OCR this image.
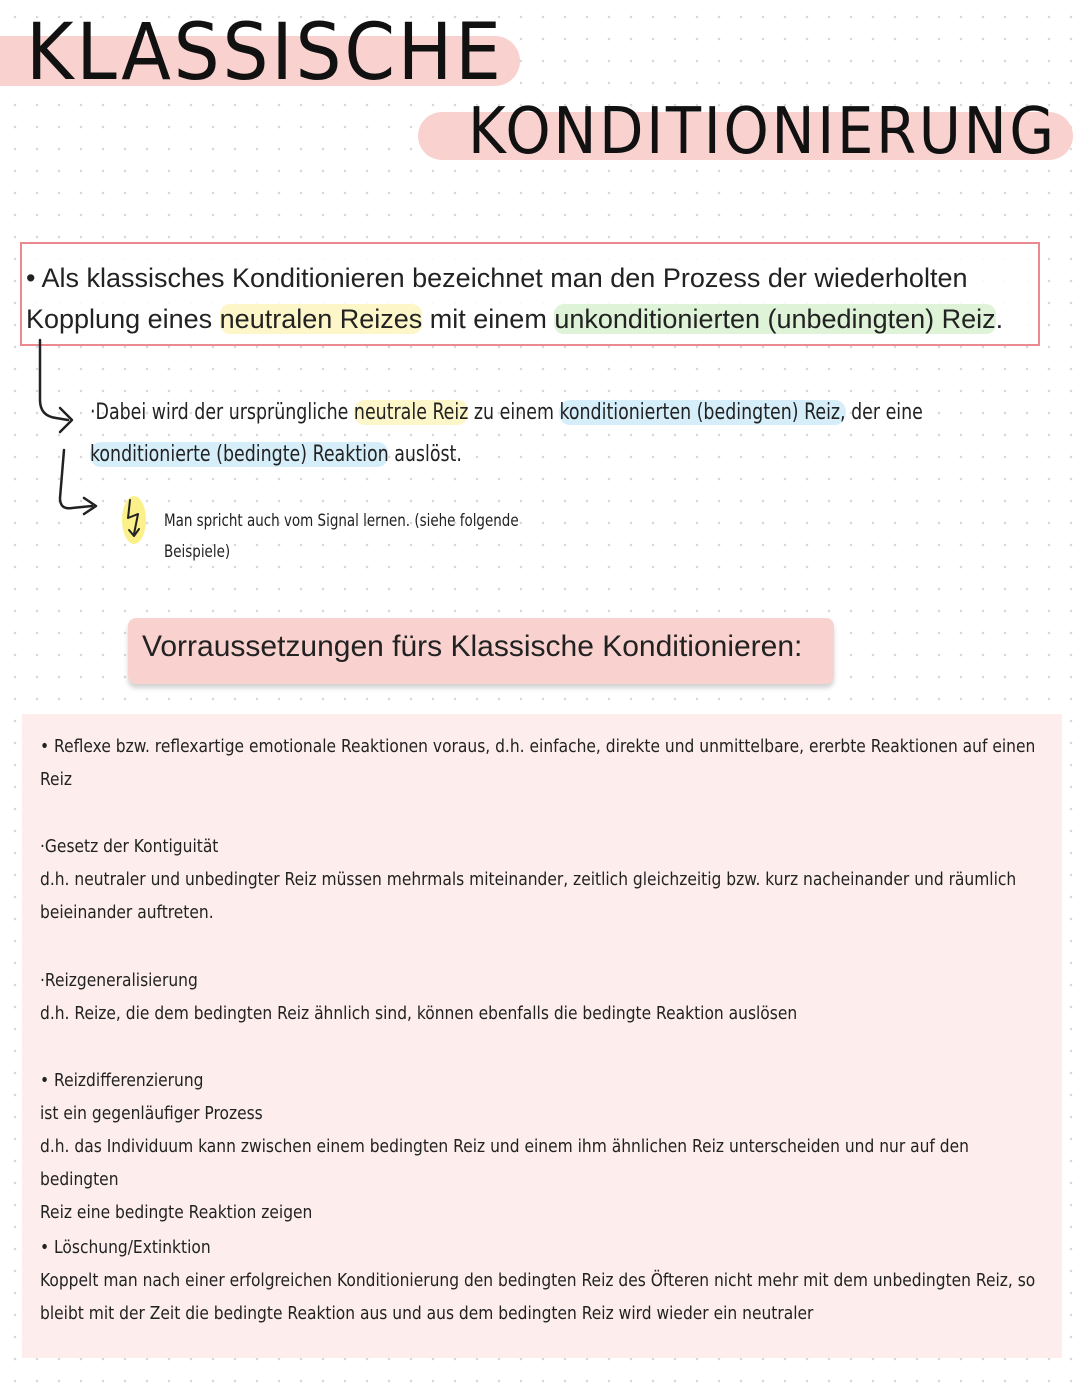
KLASSISCHE
KONDITIONIERUNG
• Als klassisches Konditionieren bezeichnet man den Prozess der wiederholten
Kopplung eines neutralen Reizes mit einem unkonditionierten (unbedingten) Reiz.
·Dabei wird der ursprüngliche neutrale Reiz zu einem konditionierten (bedingten) Reiz, der eine
konditionierte (bedingte) Reaktion auslöst.
Man spricht auch vom Signal lernen. (siehe folgende
Beispiele)
Vorraussetzungen fürs Klassische Konditionieren:
• Reflexe bzw. reflexartige emotionale Reaktionen voraus, d.h. einfache, direkte und unmittelbare, ererbte Reaktionen auf einen
Reiz
·Gesetz der Kontiguität
d.h. neutraler und unbedingter Reiz müssen mehrmals miteinander, zeitlich gleichzeitig bzw. kurz nacheinander und räumlich
beieinander auftreten.
·Reizgeneralisierung
d.h. Reize, die dem bedingten Reiz ähnlich sind, können ebenfalls die bedingte Reaktion auslösen
• Reizdifferenzierung
ist ein gegenläufiger Prozess
d.h. das Individuum kann zwischen einem bedingten Reiz und einem ihm ähnlichen Reiz unterscheiden und nur auf den bedingten
Reiz eine bedingte Reaktion zeigen
• Löschung/Extinktion
Koppelt man nach einer erfolgreichen Konditionierung den bedingten Reiz des Öfteren nicht mehr mit dem unbedingten Reiz, so
bleibt mit der Zeit die bedingte Reaktion aus und aus dem bedingten Reiz wird wieder ein neutraler
